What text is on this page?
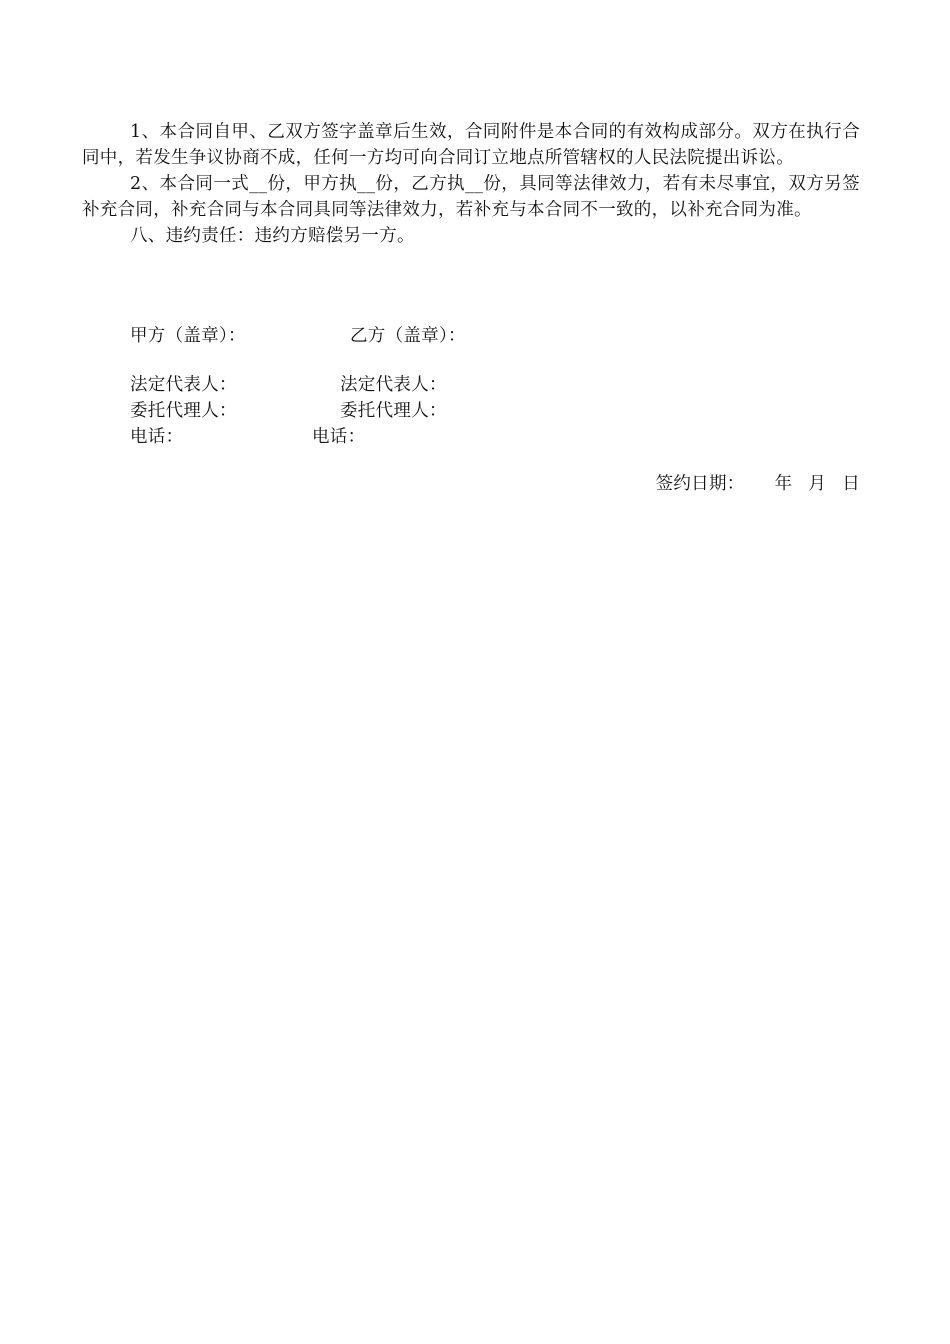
1、本合同自甲、乙双方签字盖章后生效，合同附件是本合同的有效构成部分。双方在执行合同中，若发生争议协商不成，任何一方均可向合同订立地点所管辖权的人民法院提出诉讼。

2、本合同一式__份，甲方执__份，乙方执__份，具同等法律效力，若有未尽事宜，双方另签补充合同，补充合同与本合同具同等法律效力，若补充与本合同不一致的，以补充合同为准。

八、违约责任：违约方赔偿另一方。

甲方（盖章）：	乙方（盖章）：
法定代表人：	法定代表人：
委托代理人：	委托代理人：
电话：	电话：
签约日期： 年 月 日
